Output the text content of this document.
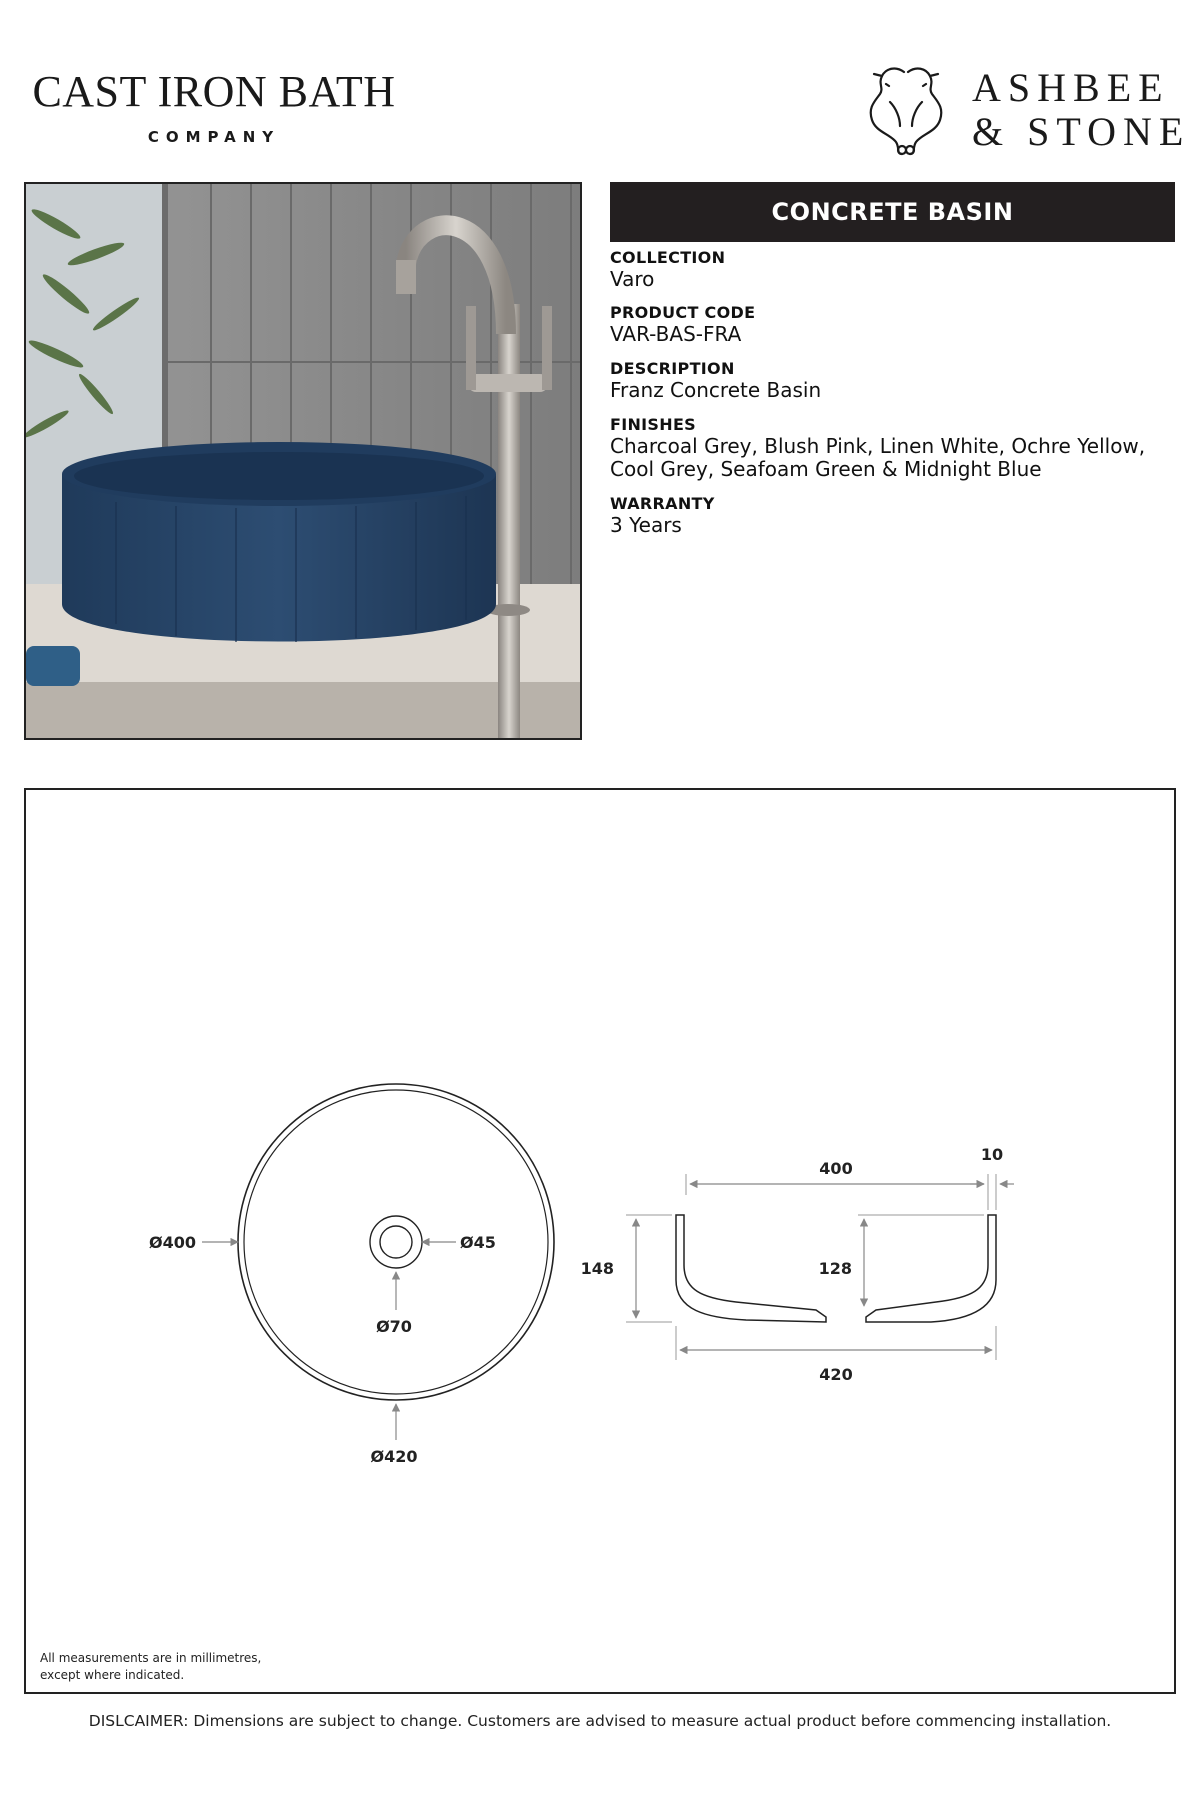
CAST IRON BATH
COMPANY
ASHBEE
& STONE
CONCRETE BASIN
COLLECTION
Varo
PRODUCT CODE
VAR-BAS-FRA
DESCRIPTION
Franz Concrete Basin
FINISHES
Charcoal Grey, Blush Pink, Linen White, Ochre Yellow, Cool Grey, Seafoam Green & Midnight Blue
WARRANTY
3 Years
Ø400	Ø45
Ø70
Ø420
400
10
148	128
420
All measurements are in millimetres,
except where indicated.
DISLCAIMER: Dimensions are subject to change. Customers are advised to measure actual product before commencing installation.
